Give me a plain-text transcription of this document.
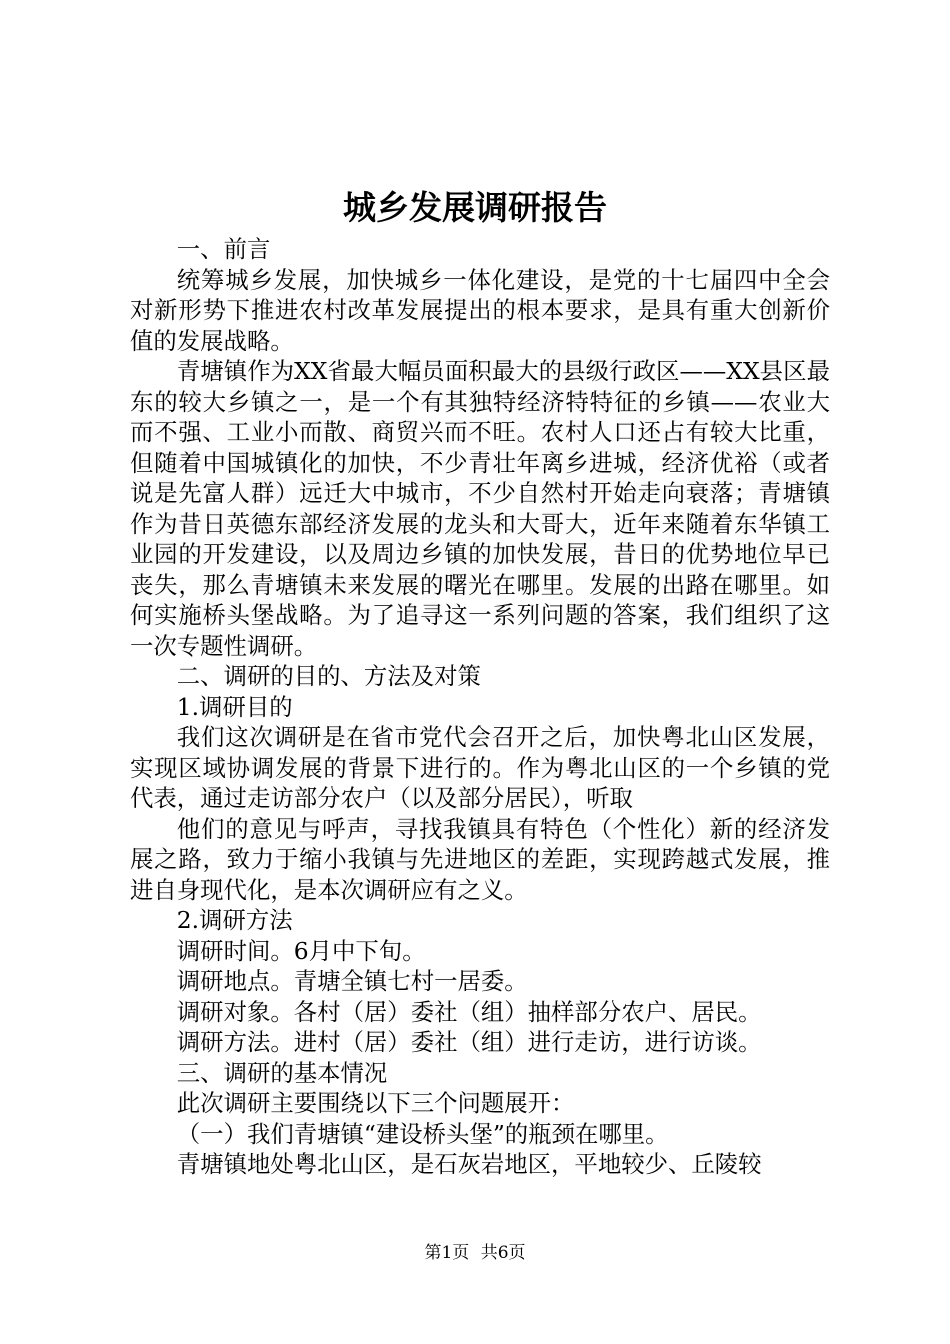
城乡发展调研报告

一、前言

统筹城乡发展，加快城乡一体化建设，是党的十七届四中全会对新形势下推进农村改革发展提出的根本要求，是具有重大创新价值的发展战略。

青塘镇作为XX省最大幅员面积最大的县级行政区——XX县区最东的较大乡镇之一，是一个有其独特经济特特征的乡镇——农业大而不强、工业小而散、商贸兴而不旺。农村人口还占有较大比重，但随着中国城镇化的加快，不少青壮年离乡进城，经济优裕（或者说是先富人群）远迁大中城市，不少自然村开始走向衰落；青塘镇作为昔日英德东部经济发展的龙头和大哥大，近年来随着东华镇工业园的开发建设，以及周边乡镇的加快发展，昔日的优势地位早已丧失，那么青塘镇未来发展的曙光在哪里。发展的出路在哪里。如何实施桥头堡战略。为了追寻这一系列问题的答案，我们组织了这一次专题性调研。

二、调研的目的、方法及对策

1.调研目的

我们这次调研是在省市党代会召开之后，加快粤北山区发展，实现区域协调发展的背景下进行的。作为粤北山区的一个乡镇的党代表，通过走访部分农户（以及部分居民），听取

他们的意见与呼声，寻找我镇具有特色（个性化）新的经济发展之路，致力于缩小我镇与先进地区的差距，实现跨越式发展，推进自身现代化，是本次调研应有之义。

2.调研方法

调研时间。6月中下旬。

调研地点。青塘全镇七村一居委。

调研对象。各村（居）委社（组）抽样部分农户、居民。

调研方法。进村（居）委社（组）进行走访，进行访谈。

三、调研的基本情况

此次调研主要围绕以下三个问题展开：

（一）我们青塘镇“建设桥头堡”的瓶颈在哪里。

青塘镇地处粤北山区，是石灰岩地区，平地较少、丘陵较

第1页 共6页
